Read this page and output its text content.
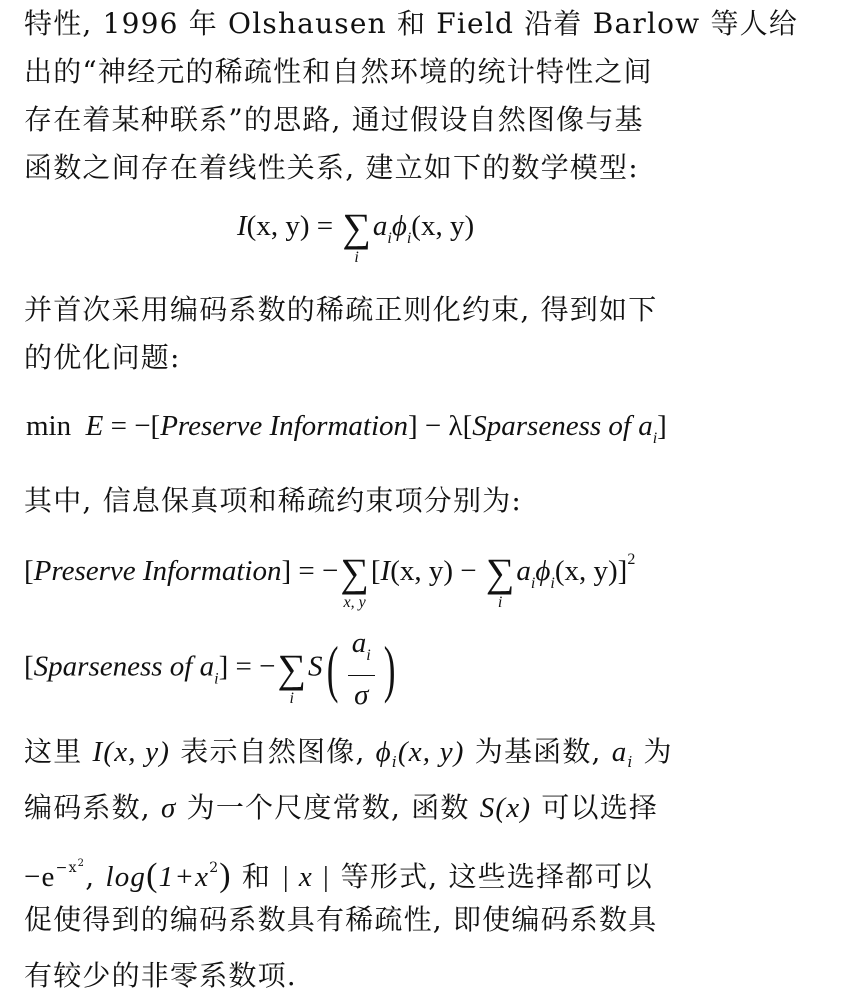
特性, 1996 年 Olshausen 和 Field 沿着 Barlow 等人给
出的“神经元的稀疏性和自然环境的统计特性之间
存在着某种联系”的思路, 通过假设自然图像与基
函数之间存在着线性关系, 建立如下的数学模型:
I(x, y) = ∑
i
$a_i\phi_i(x$, y)
并首次采用编码系数的稀疏正则化约束, 得到如下
的优化问题:
min E = −[Preserve Information] − λ[Sparseness of $a_i$]
其中, 信息保真项和稀疏约束项分别为:
[Preserve Information] = −∑
x, y
[I(x, y) − ∑
i
$a_i\phi_i(x$, y)]$^2$
[Sparseness of $a_i$] = −∑
i
$S( \frac{a_i}{\sigma}$ )
这里 I(x, y) 表示自然图像, $\phi_i(x$, y) 为基函数, $a_i$ 为
编码系数, σ 为一个尺度常数, 函数 S(x) 可以选择
$-e^{-x^2}$, $\log(1+x^2)$ 和 | x | 等形式, 这些选择都可以
促使得到的编码系数具有稀疏性, 即使编码系数具
有较少的非零系数项.
